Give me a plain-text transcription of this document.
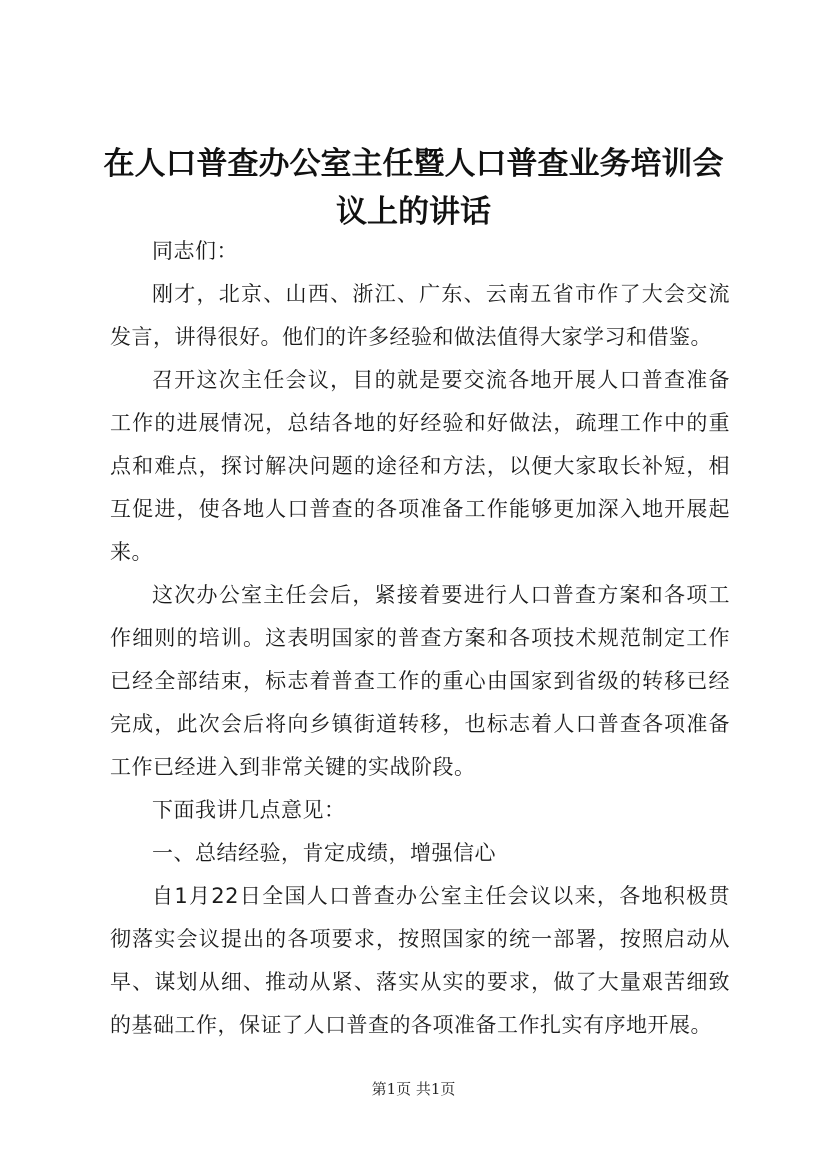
在人口普查办公室主任暨人口普查业务培训会
议上的讲话

同志们：

刚才，北京、山西、浙江、广东、云南五省市作了大会交流发言，讲得很好。他们的许多经验和做法值得大家学习和借鉴。

召开这次主任会议，目的就是要交流各地开展人口普查准备工作的进展情况，总结各地的好经验和好做法，疏理工作中的重点和难点，探讨解决问题的途径和方法，以便大家取长补短，相互促进，使各地人口普查的各项准备工作能够更加深入地开展起来。

这次办公室主任会后，紧接着要进行人口普查方案和各项工作细则的培训。这表明国家的普查方案和各项技术规范制定工作已经全部结束，标志着普查工作的重心由国家到省级的转移已经完成，此次会后将向乡镇街道转移，也标志着人口普查各项准备工作已经进入到非常关键的实战阶段。

下面我讲几点意见：

一、总结经验，肯定成绩，增强信心

自1月22日全国人口普查办公室主任会议以来，各地积极贯彻落实会议提出的各项要求，按照国家的统一部署，按照启动从早、谋划从细、推动从紧、落实从实的要求，做了大量艰苦细致的基础工作，保证了人口普查的各项准备工作扎实有序地开展。

第1页 共1页
